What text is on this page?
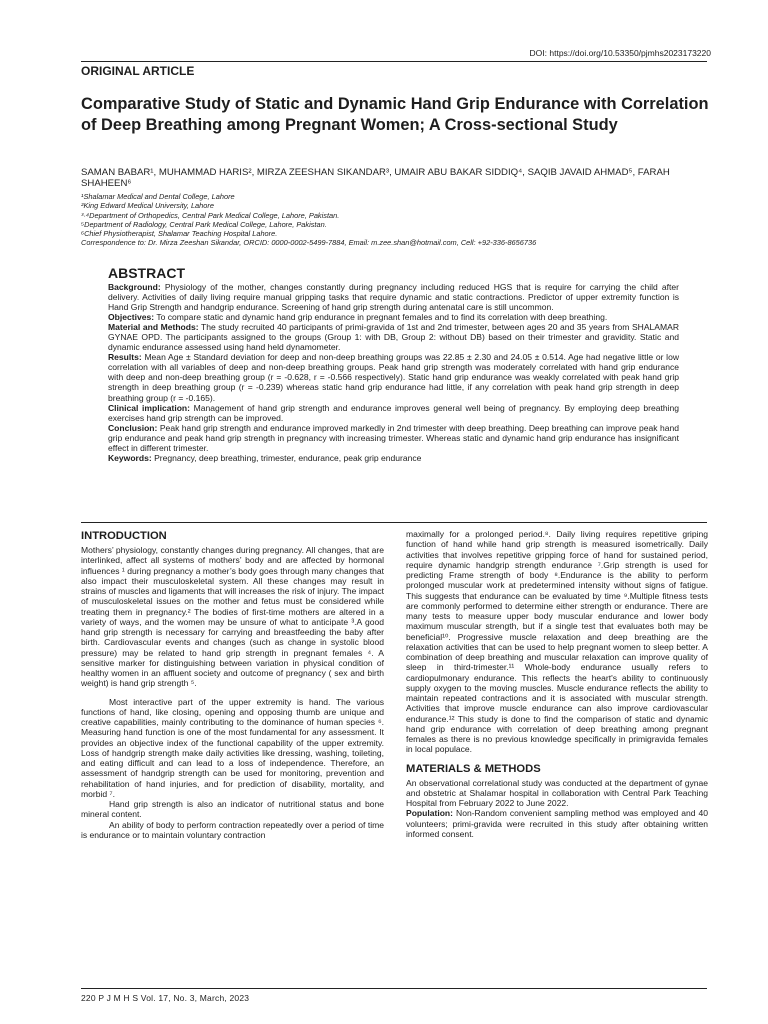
DOI: https://doi.org/10.53350/pjmhs2023173220
ORIGINAL ARTICLE
Comparative Study of Static and Dynamic Hand Grip Endurance with Correlation of Deep Breathing among Pregnant Women; A Cross-sectional Study
SAMAN BABAR¹, MUHAMMAD HARIS², MIRZA ZEESHAN SIKANDAR³, UMAIR ABU BAKAR SIDDIQ⁴, SAQIB JAVAID AHMAD⁵, FARAH SHAHEEN⁶
¹Shalamar Medical and Dental College, Lahore
²King Edward Medical University, Lahore
³·⁴Department of Orthopedics, Central Park Medical College, Lahore, Pakistan.
⁵Department of Radiology, Central Park Medical College, Lahore, Pakistan.
⁶Chief Physiotherapist, Shalamar Teaching Hospital Lahore.
Correspondence to: Dr. Mirza Zeeshan Sikandar, ORCID: 0000-0002-5499-7884, Email: m.zee.shan@hotmail.com, Cell: +92-336-8656736
ABSTRACT

Background: Physiology of the mother, changes constantly during pregnancy including reduced HGS that is require for carrying the child after delivery. Activities of daily living require manual gripping tasks that require dynamic and static contractions. Predictor of upper extremity function is Hand Grip Strength and handgrip endurance. Screening of hand grip strength during antenatal care is still uncommon.

Objectives: To compare static and dynamic hand grip endurance in pregnant females and to find its correlation with deep breathing.

Material and Methods: The study recruited 40 participants of primi-gravida of 1st and 2nd trimester, between ages 20 and 35 years from SHALAMAR GYNAE OPD. The participants assigned to the groups (Group 1: with DB, Group 2: without DB) based on their trimester and gravidity. Static and dynamic endurance assessed using hand held dynamometer.

Results: Mean Age ± Standard deviation for deep and non-deep breathing groups was 22.85 ± 2.30 and 24.05 ± 0.514. Age had negative little or low correlation with all variables of deep and non-deep breathing groups. Peak hand grip strength was moderately correlated with hand grip endurance with deep and non-deep breathing group (r = -0.628, r = -0.566 respectively). Static hand grip endurance was weakly correlated with peak hand grip strength in deep breathing group (r = -0.239) whereas static hand grip endurance had little, if any correlation with peak hand grip strength in deep breathing group (r = -0.165).

Clinical implication: Management of hand grip strength and endurance improves general well being of pregnancy. By employing deep breathing exercises hand grip strength can be improved.

Conclusion: Peak hand grip strength and endurance improved markedly in 2nd trimester with deep breathing. Deep breathing can improve peak hand grip endurance and peak hand grip strength in pregnancy with increasing trimester. Whereas static and dynamic hand grip endurance has insignificant effect in different trimester.

Keywords: Pregnancy, deep breathing, trimester, endurance, peak grip endurance

INTRODUCTION

Mothers’ physiology, constantly changes during pregnancy. All changes, that are interlinked, affect all systems of mothers’ body and are affected by hormonal influences ¹ during pregnancy a mother’s body goes through many changes that also impact their musculoskeletal system. All these changes may result in strains of muscles and ligaments that will increases the risk of injury. The impact of musculoskeletal issues on the mother and fetus must be considered while treating them in pregnancy.² The bodies of first-time mothers are altered in a variety of ways, and the women may be unsure of what to anticipate ³.A good hand grip strength is necessary for carrying and breastfeeding the baby after birth. Cardiovascular events and changes (such as change in systolic blood pressure) may be related to hand grip strength in pregnant females ⁴. A sensitive marker for distinguishing between variation in physical condition of healthy women in an affluent society and outcome of pregnancy ( sex and birth weight) is hand grip strength ⁵.

Most interactive part of the upper extremity is hand. The various functions of hand, like closing, opening and opposing thumb are unique and creative capabilities, mainly contributing to the dominance of human species ⁶. Measuring hand function is one of the most fundamental for any assessment. It provides an objective index of the functional capability of the upper extremity. Loss of handgrip strength make daily activities like dressing, washing, toileting, and eating difficult and can lead to a loss of independence. Therefore, an assessment of handgrip strength can be used for monitoring, prevention and rehabilitation of hand injuries, and for prediction of disability, mortality, and morbid ⁷.

Hand grip strength is also an indicator of nutritional status and bone mineral content.

An ability of body to perform contraction repeatedly over a period of time is endurance or to maintain voluntary contraction

maximally for a prolonged period.⁸. Daily living requires repetitive griping function of hand while hand grip strength is measured isometrically. Daily activities that involves repetitive gripping force of hand for sustained period, require dynamic handgrip strength endurance ⁷.Grip strength is used for predicting Frame strength of body ⁸.Endurance is the ability to perform prolonged muscular work at predetermined intensity without signs of fatigue. This suggests that endurance can be evaluated by time ⁹.Multiple fitness tests are commonly performed to determine either strength or endurance. There are many tests to measure upper body muscular endurance and lower body maximum muscular strength, but if a single test that evaluates both may be beneficial¹⁰. Progressive muscle relaxation and deep breathing are the relaxation activities that can be used to help pregnant women to sleep better. A combination of deep breathing and muscular relaxation can improve quality of sleep in third-trimester.¹¹ Whole-body endurance usually refers to cardiopulmonary endurance. This reflects the heart's ability to continuously supply oxygen to the moving muscles. Muscle endurance reflects the ability to maintain repeated contractions and it is associated with muscular strength. Activities that improve muscle endurance can also improve cardiovascular endurance.¹² This study is done to find the comparison of static and dynamic hand grip endurance with correlation of deep breathing among pregnant females as there is no previous knowledge specifically in primigravida females in local populace.

MATERIALS & METHODS

An observational correlational study was conducted at the department of gynae and obstetric at Shalamar hospital in collaboration with Central Park Teaching Hospital from February 2022 to June 2022.

Population: Non-Random convenient sampling method was employed and 40 volunteers; primi-gravida were recruited in this study after obtaining written informed consent.

220 P J M H S Vol. 17, No. 3, March, 2023
